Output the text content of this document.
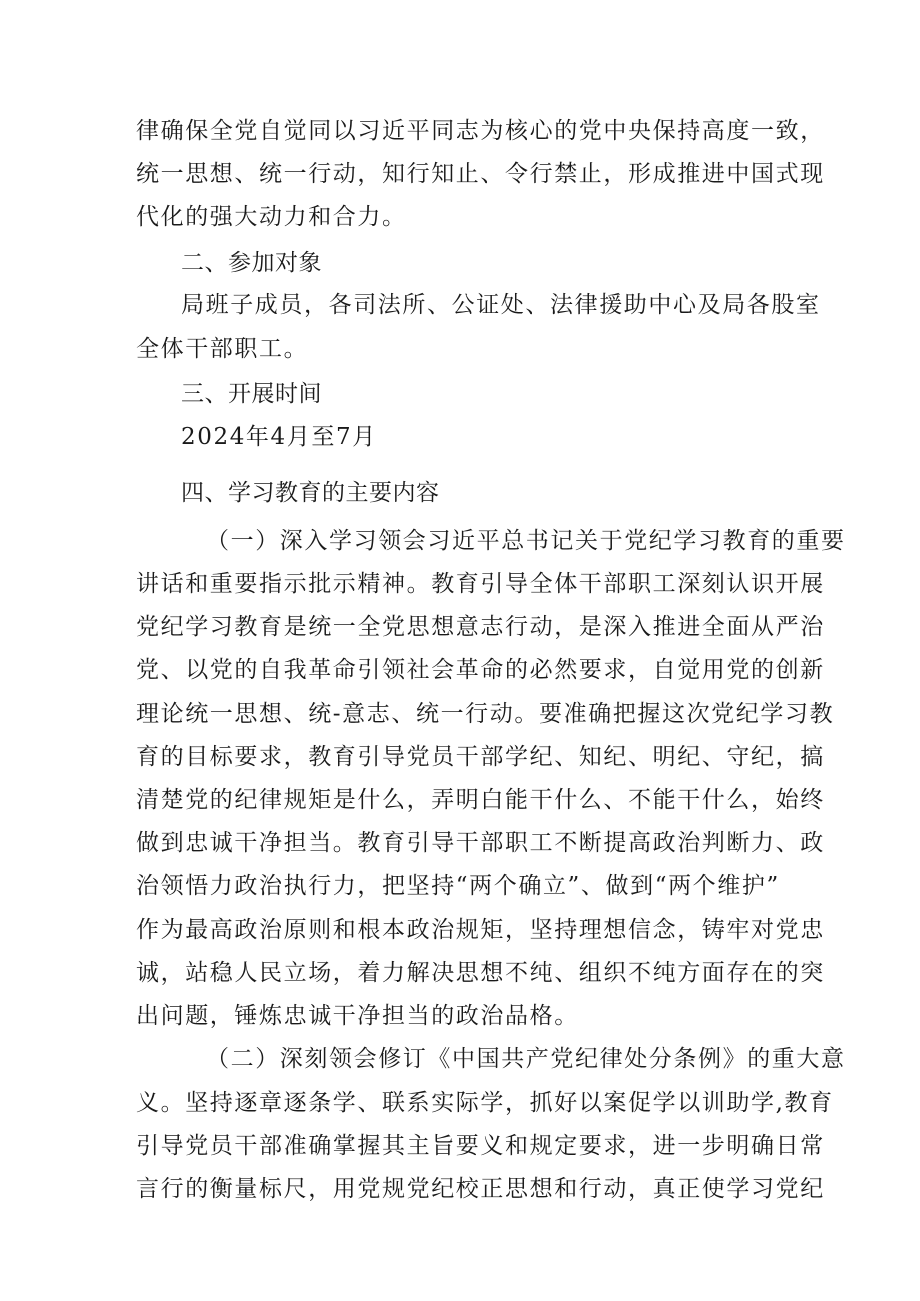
律确保全党自觉同以习近平同志为核心的党中央保持高度一致，
统一思想、统一行动，知行知止、令行禁止，形成推进中国式现
代化的强大动力和合力。
二、参加对象
局班子成员，各司法所、公证处、法律援助中心及局各股室
全体干部职工。
三、开展时间
2024年4月至7月
四、学习教育的主要内容
（一）深入学习领会习近平总书记关于党纪学习教育的重要
讲话和重要指示批示精神。教育引导全体干部职工深刻认识开展
党纪学习教育是统一全党思想意志行动，是深入推进全面从严治
党、以党的自我革命引领社会革命的必然要求，自觉用党的创新
理论统一思想、统-意志、统一行动。要准确把握这次党纪学习教
育的目标要求，教育引导党员干部学纪、知纪、明纪、守纪，搞
清楚党的纪律规矩是什么，弄明白能干什么、不能干什么，始终
做到忠诚干净担当。教育引导干部职工不断提高政治判断力、政
治领悟力政治执行力，把坚持“两个确立”、做到“两个维护”
作为最高政治原则和根本政治规矩，坚持理想信念，铸牢对党忠
诚，站稳人民立场，着力解决思想不纯、组织不纯方面存在的突
出问题，锤炼忠诚干净担当的政治品格。
（二）深刻领会修订《中国共产党纪律处分条例》的重大意
义。坚持逐章逐条学、联系实际学，抓好以案促学以训助学,教育
引导党员干部准确掌握其主旨要义和规定要求，进一步明确日常
言行的衡量标尺，用党规党纪校正思想和行动，真正使学习党纪
